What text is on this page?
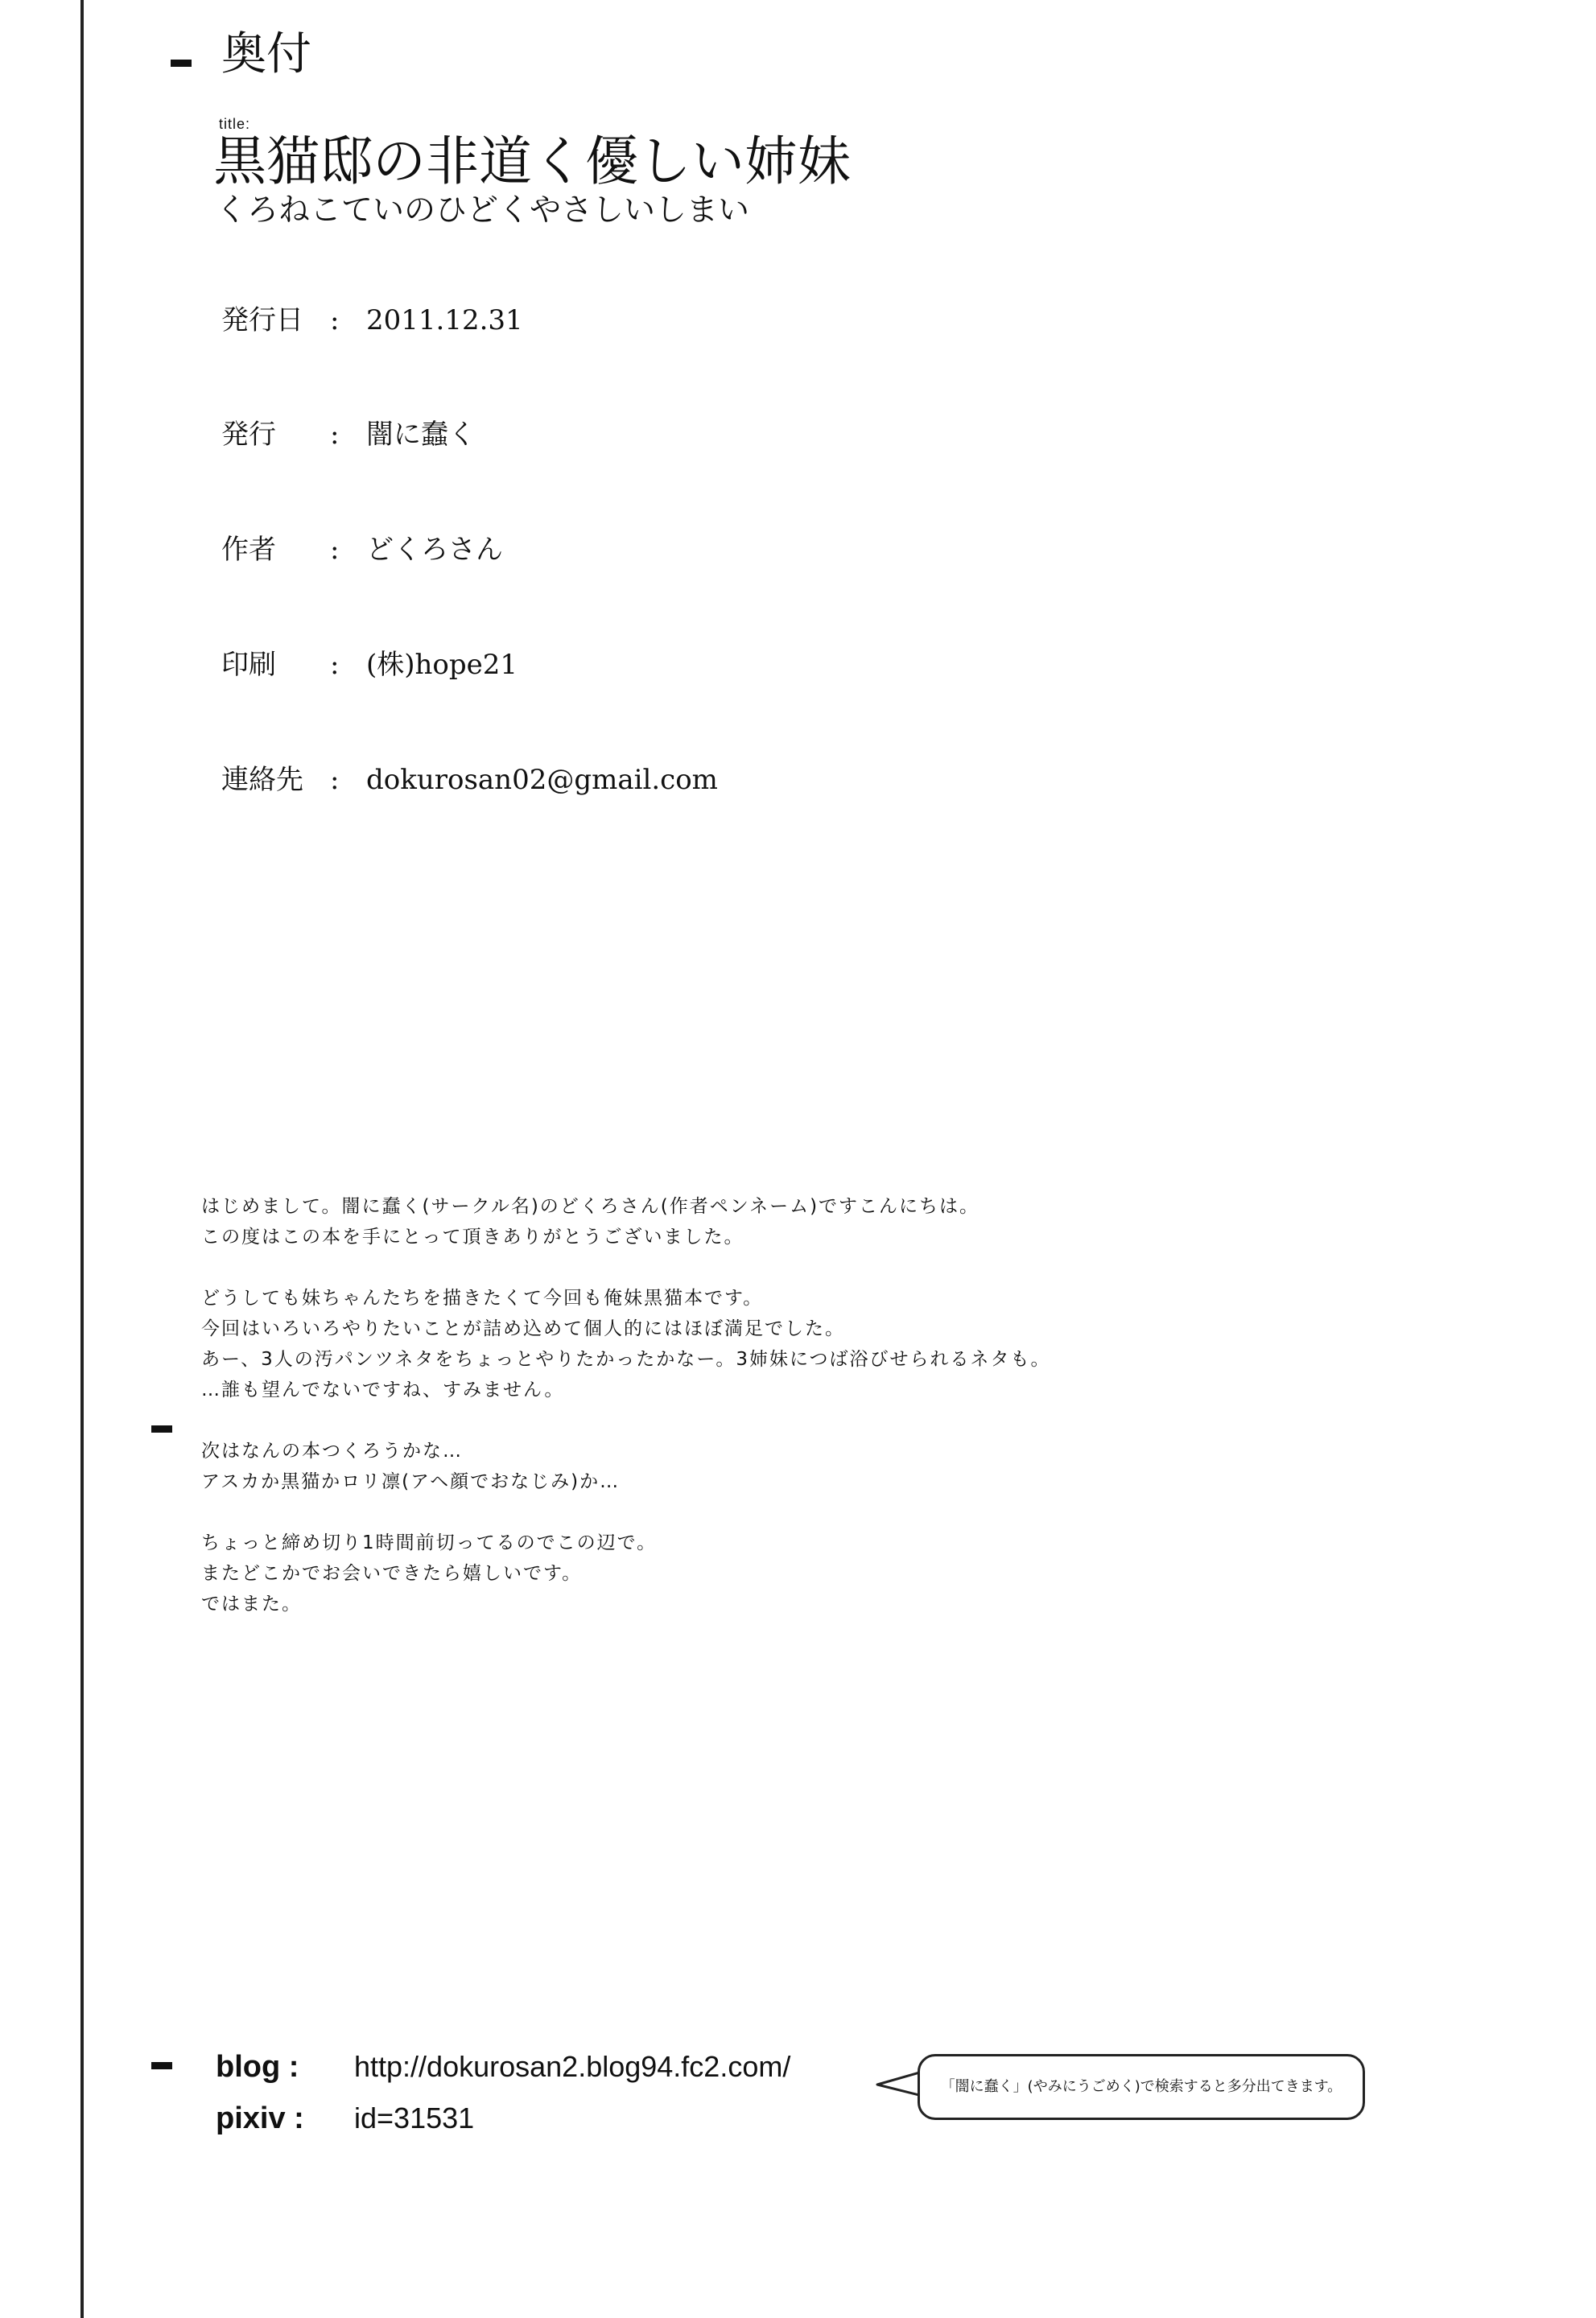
奥付
title:
黒猫邸の非道く優しい姉妹
くろねこていのひどくやさしいしまい
発行日 : 2011.12.31
発行 : 闇に蠢く
作者 : どくろさん
印刷 : (株)hope21
連絡先 : dokurosan02@gmail.com

はじめまして。闇に蠢く(サークル名)のどくろさん(作者ペンネーム)ですこんにちは。

この度はこの本を手にとって頂きありがとうございました。

どうしても妹ちゃんたちを描きたくて今回も俺妹黒猫本です。

今回はいろいろやりたいことが詰め込めて個人的にはほぼ満足でした。

あー、3人の汚パンツネタをちょっとやりたかったかなー。3姉妹につば浴びせられるネタも。

…誰も望んでないですね、すみません。

次はなんの本つくろうかな…

アスカか黒猫かロリ凛(アヘ顔でおなじみ)か…

ちょっと締め切り1時間前切ってるのでこの辺で。

またどこかでお会いできたら嬉しいです。

ではまた。

blog : http://dokurosan2.blog94.fc2.com/
pixiv : id=31531
「闇に蠢く」(やみにうごめく)で検索すると多分出てきます。
